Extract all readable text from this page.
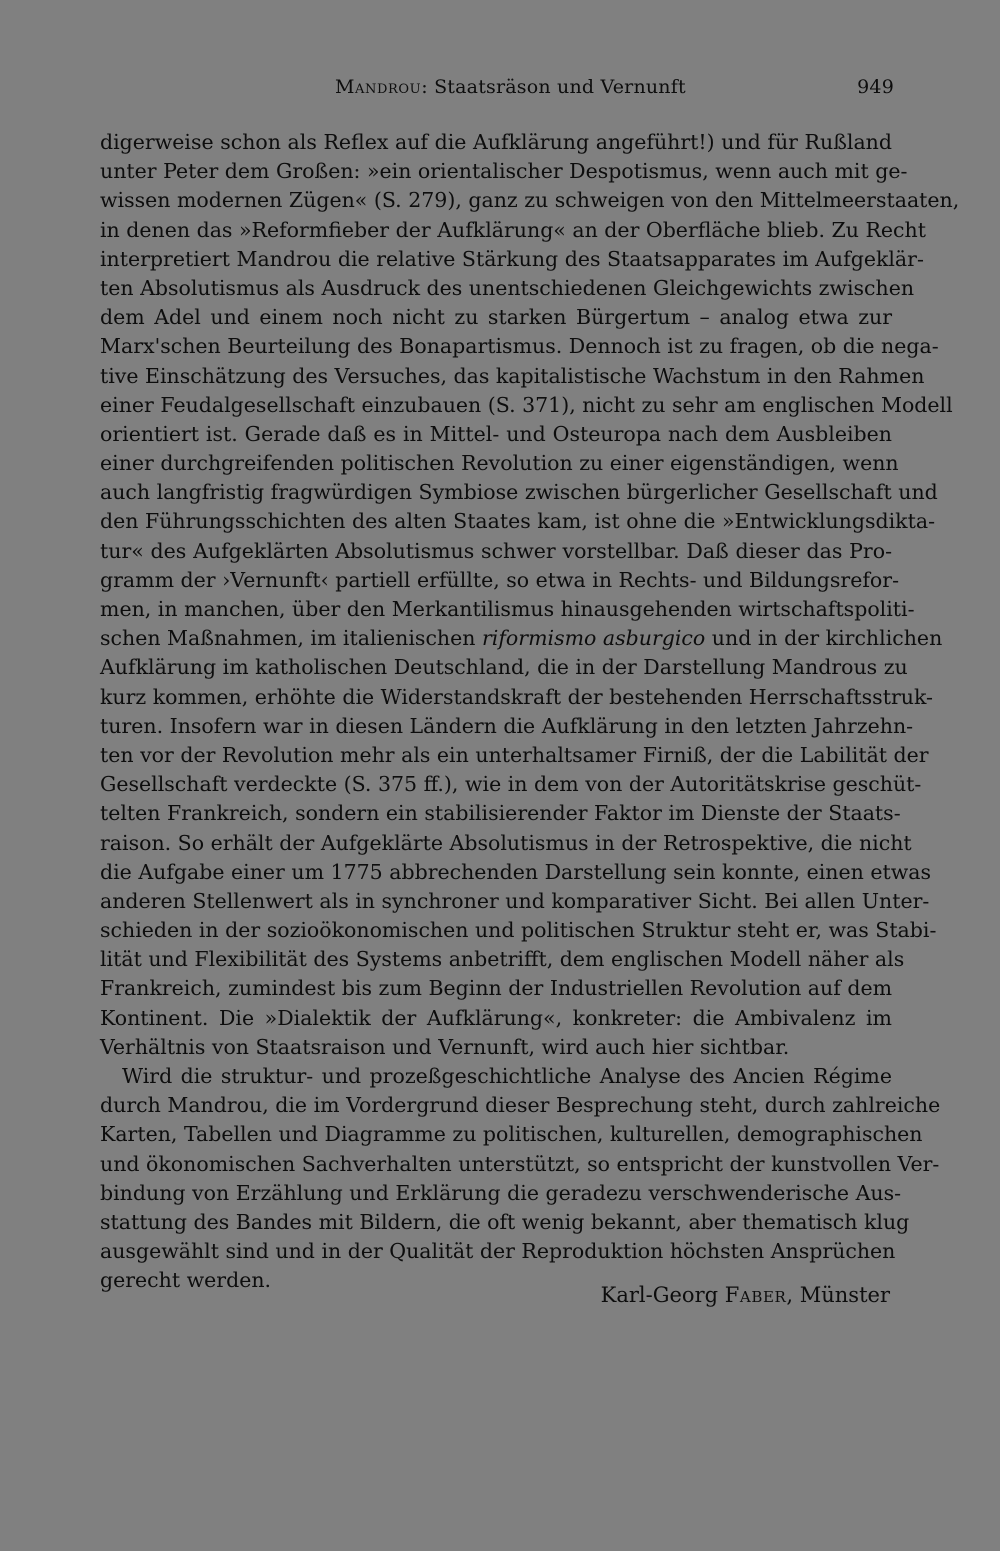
Mandrou: Staatsräson und Vernunft	949
digerweise schon als Reflex auf die Aufklärung angeführt!) und für Rußland
unter Peter dem Großen: »ein orientalischer Despotismus, wenn auch mit ge-
wissen modernen Zügen« (S. 279), ganz zu schweigen von den Mittelmeerstaaten,
in denen das »Reformfieber der Aufklärung« an der Oberfläche blieb. Zu Recht
interpretiert Mandrou die relative Stärkung des Staatsapparates im Aufgeklär-
ten Absolutismus als Ausdruck des unentschiedenen Gleichgewichts zwischen
dem Adel und einem noch nicht zu starken Bürgertum – analog etwa zur
Marx'schen Beurteilung des Bonapartismus. Dennoch ist zu fragen, ob die nega-
tive Einschätzung des Versuches, das kapitalistische Wachstum in den Rahmen
einer Feudalgesellschaft einzubauen (S. 371), nicht zu sehr am englischen Modell
orientiert ist. Gerade daß es in Mittel- und Osteuropa nach dem Ausbleiben
einer durchgreifenden politischen Revolution zu einer eigenständigen, wenn
auch langfristig fragwürdigen Symbiose zwischen bürgerlicher Gesellschaft und
den Führungsschichten des alten Staates kam, ist ohne die »Entwicklungsdikta-
tur« des Aufgeklärten Absolutismus schwer vorstellbar. Daß dieser das Pro-
gramm der ›Vernunft‹ partiell erfüllte, so etwa in Rechts- und Bildungsrefor-
men, in manchen, über den Merkantilismus hinausgehenden wirtschaftspoliti-
schen Maßnahmen, im italienischen riformismo asburgico und in der kirchlichen
Aufklärung im katholischen Deutschland, die in der Darstellung Mandrous zu
kurz kommen, erhöhte die Widerstandskraft der bestehenden Herrschaftsstruk-
turen. Insofern war in diesen Ländern die Aufklärung in den letzten Jahrzehn-
ten vor der Revolution mehr als ein unterhaltsamer Firniß, der die Labilität der
Gesellschaft verdeckte (S. 375 ff.), wie in dem von der Autoritätskrise geschüt-
telten Frankreich, sondern ein stabilisierender Faktor im Dienste der Staats-
raison. So erhält der Aufgeklärte Absolutismus in der Retrospektive, die nicht
die Aufgabe einer um 1775 abbrechenden Darstellung sein konnte, einen etwas
anderen Stellenwert als in synchroner und komparativer Sicht. Bei allen Unter-
schieden in der sozioökonomischen und politischen Struktur steht er, was Stabi-
lität und Flexibilität des Systems anbetrifft, dem englischen Modell näher als
Frankreich, zumindest bis zum Beginn der Industriellen Revolution auf dem
Kontinent. Die »Dialektik der Aufklärung«, konkreter: die Ambivalenz im
Verhältnis von Staatsraison und Vernunft, wird auch hier sichtbar.
Wird die struktur- und prozeßgeschichtliche Analyse des Ancien Régime
durch Mandrou, die im Vordergrund dieser Besprechung steht, durch zahlreiche
Karten, Tabellen und Diagramme zu politischen, kulturellen, demographischen
und ökonomischen Sachverhalten unterstützt, so entspricht der kunstvollen Ver-
bindung von Erzählung und Erklärung die geradezu verschwenderische Aus-
stattung des Bandes mit Bildern, die oft wenig bekannt, aber thematisch klug
ausgewählt sind und in der Qualität der Reproduktion höchsten Ansprüchen
gerecht werden.
Karl-Georg Faber, Münster
